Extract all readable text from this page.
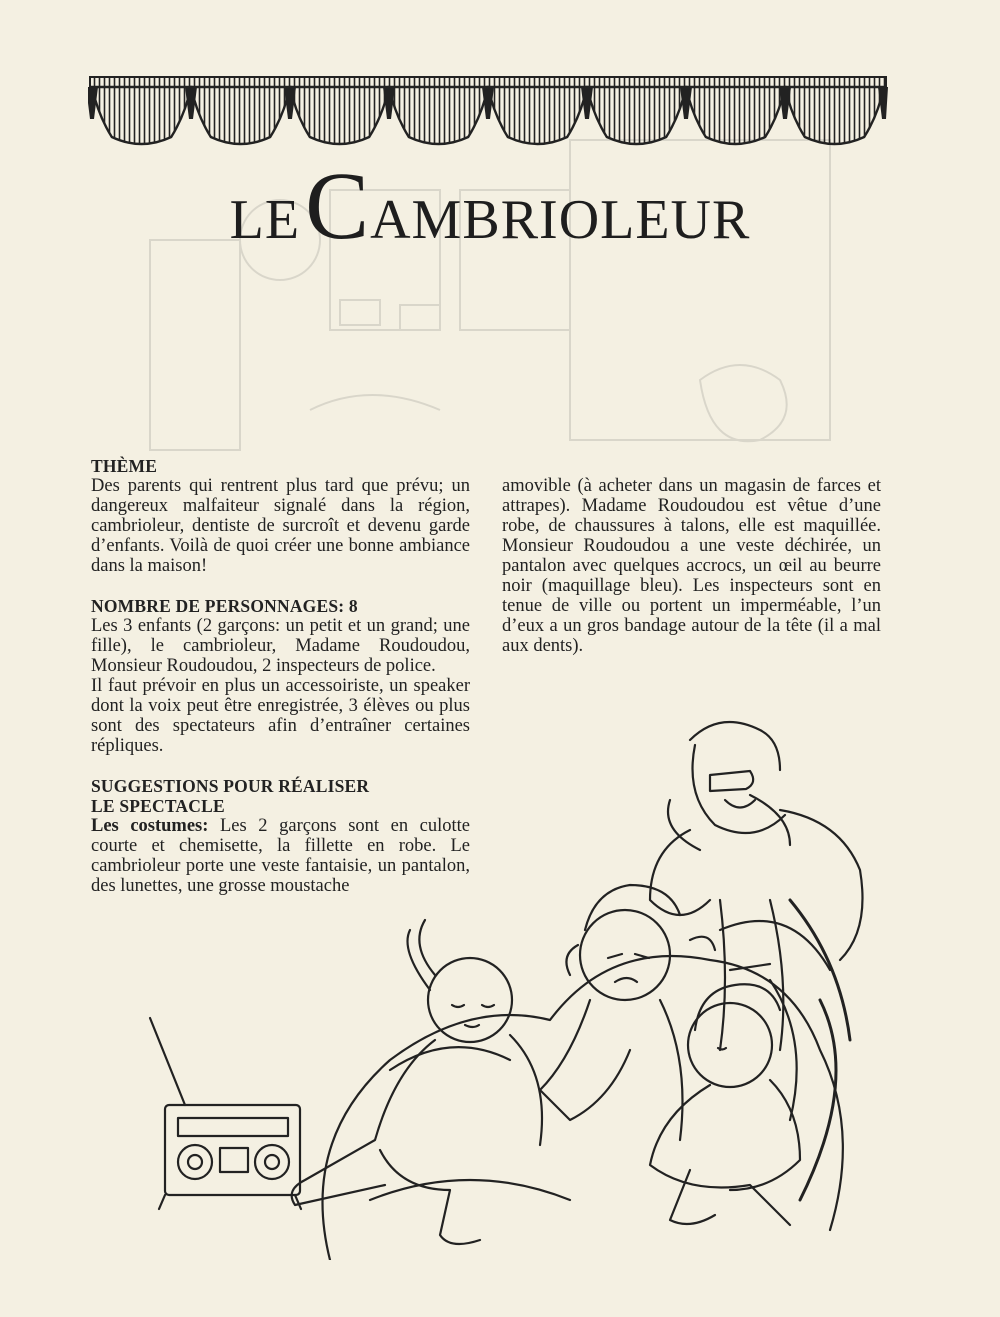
LE CAMBRIOLEUR
THÈME

Des parents qui rentrent plus tard que prévu; un dangereux malfaiteur signalé dans la région, cambrioleur, dentiste de surcroît et devenu garde d’enfants. Voilà de quoi créer une bonne ambiance dans la maison!

NOMBRE DE PERSONNAGES: 8

Les 3 enfants (2 garçons: un petit et un grand; une fille), le cambrioleur, Madame Roudoudou, Monsieur Roudoudou, 2 inspecteurs de police.

Il faut prévoir en plus un accessoiriste, un speaker dont la voix peut être enregistrée, 3 élèves ou plus sont des spectateurs afin d’entraîner certaines répliques.

SUGGESTIONS POUR RÉALISER
LE SPECTACLE

Les costumes: Les 2 garçons sont en culotte courte et chemisette, la fillette en robe. Le cambrioleur porte une veste fantaisie, un pantalon, des lunettes, une grosse moustache

amovible (à acheter dans un magasin de farces et attrapes). Madame Roudoudou est vêtue d’une robe, de chaussures à talons, elle est maquillée. Monsieur Roudoudou a une veste déchirée, un pantalon avec quelques accrocs, un œil au beurre noir (maquillage bleu). Les inspecteurs sont en tenue de ville ou portent un imperméable, l’un d’eux a un gros bandage autour de la tête (il a mal aux dents).
